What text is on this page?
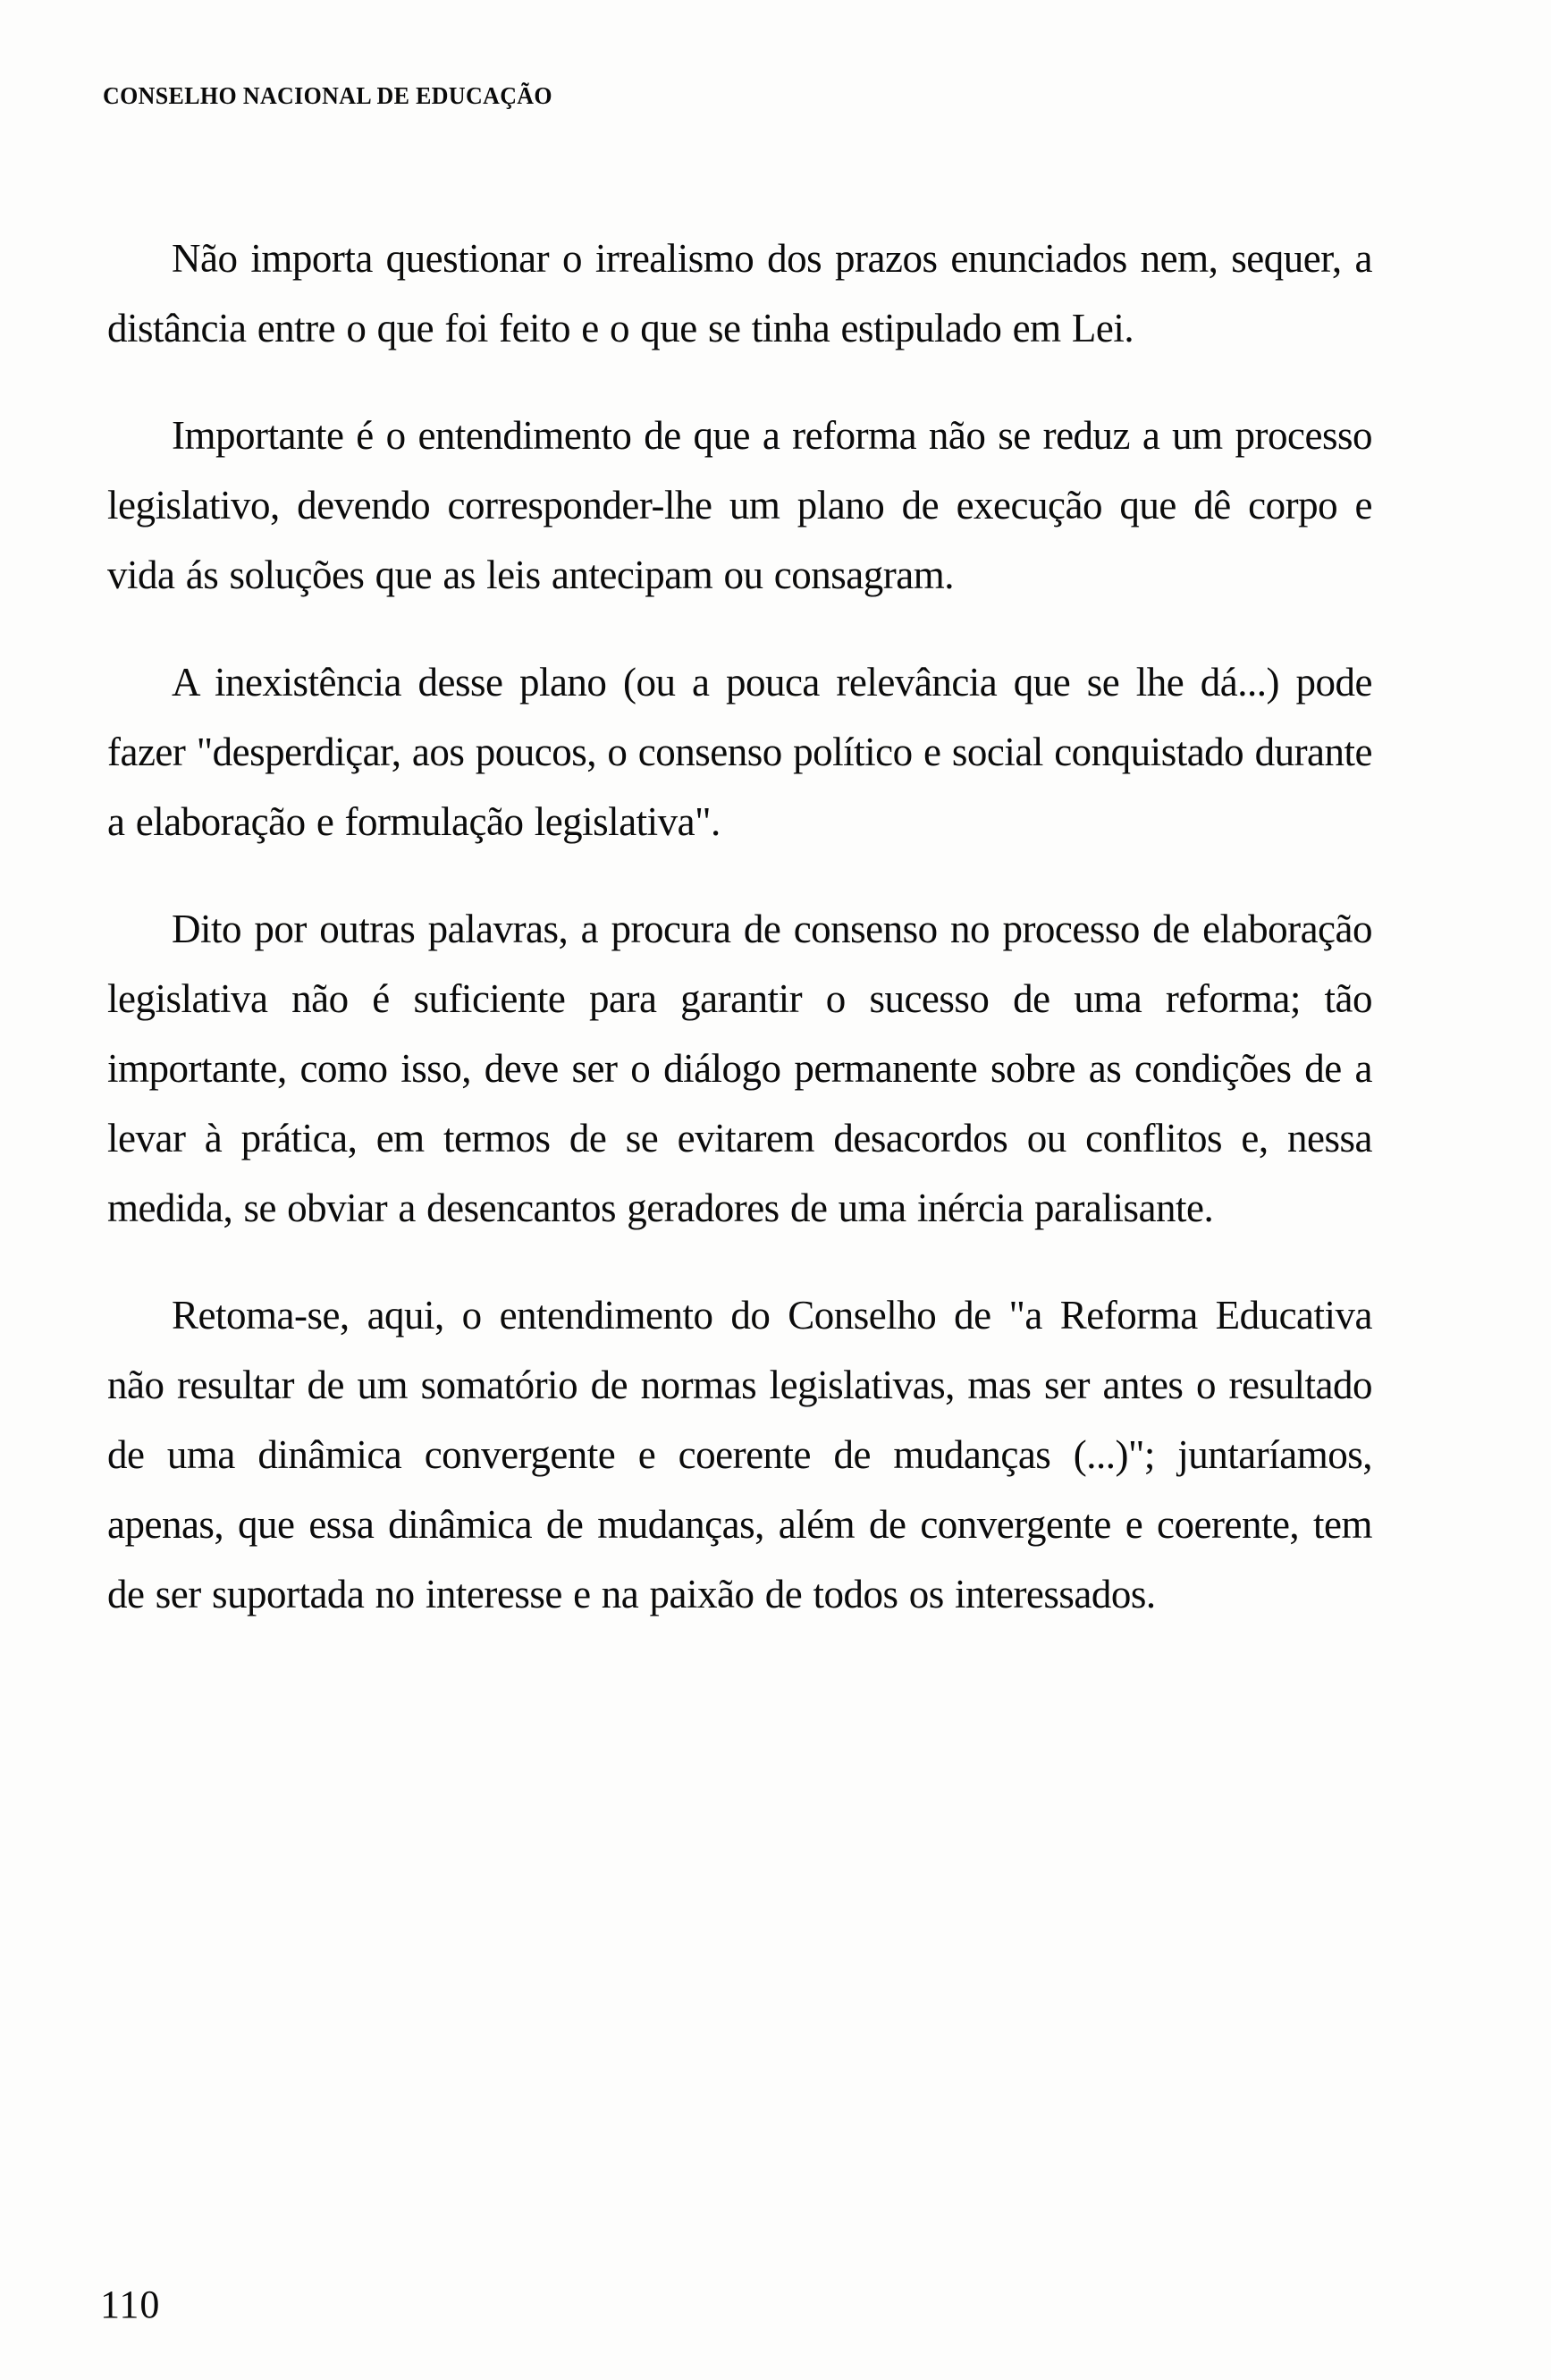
CONSELHO NACIONAL DE EDUCAÇÃO

Não importa questionar o irrealismo dos prazos enunciados nem, sequer, a distância entre o que foi feito e o que se tinha estipulado em Lei.

Importante é o entendimento de que a reforma não se reduz a um processo legislativo, devendo corresponder-lhe um plano de execução que dê corpo e vida ás soluções que as leis antecipam ou consagram.

A inexistência desse plano (ou a pouca relevância que se lhe dá...) pode fazer "desperdiçar, aos poucos, o consenso político e social conquistado durante a elaboração e formulação legislativa".

Dito por outras palavras, a procura de consenso no processo de elaboração legislativa não é suficiente para garantir o sucesso de uma reforma; tão importante, como isso, deve ser o diálogo permanente sobre as condições de a levar à prática, em termos de se evitarem desacordos ou conflitos e, nessa medida, se obviar a desencantos geradores de uma inércia paralisante.

Retoma-se, aqui, o entendimento do Conselho de "a Reforma Educativa não resultar de um somatório de normas legislativas, mas ser antes o resultado de uma dinâmica convergente e coerente de mudanças (...)"; juntaríamos, apenas, que essa dinâmica de mudanças, além de convergente e coerente, tem de ser suportada no interesse e na paixão de todos os interessados.

110
